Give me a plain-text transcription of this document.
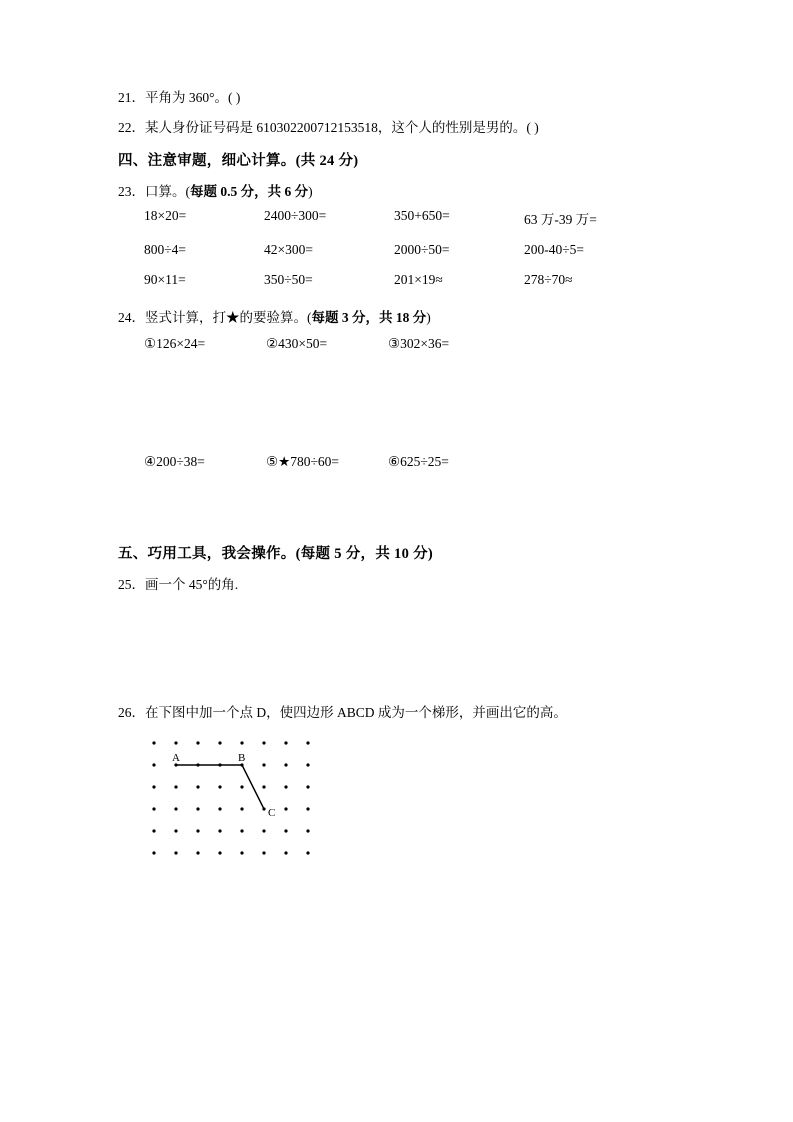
21．平角为 360°。( )
22．某人身份证号码是 610302200712153518，这个人的性别是男的。( )
四、注意审题，细心计算。(共 24 分)
23．口算。(每题 0.5 分，共 6 分)
18×20=	2400÷300=	350+650=	63 万-39 万=
800÷4=	42×300=	2000÷50=	200-40÷5=
90×11=	350÷50=	201×19≈	278÷70≈
24．竖式计算，打★的要验算。(每题 3 分，共 18 分)
①126×24=	②430×50=	③302×36=
④200÷38=	⑤★780÷60=	⑥625÷25=
五、巧用工具，我会操作。(每题 5 分，共 10 分)
25．画一个 45°的角.
26．在下图中加一个点 D，使四边形 ABCD 成为一个梯形，并画出它的高。
A	B
C
